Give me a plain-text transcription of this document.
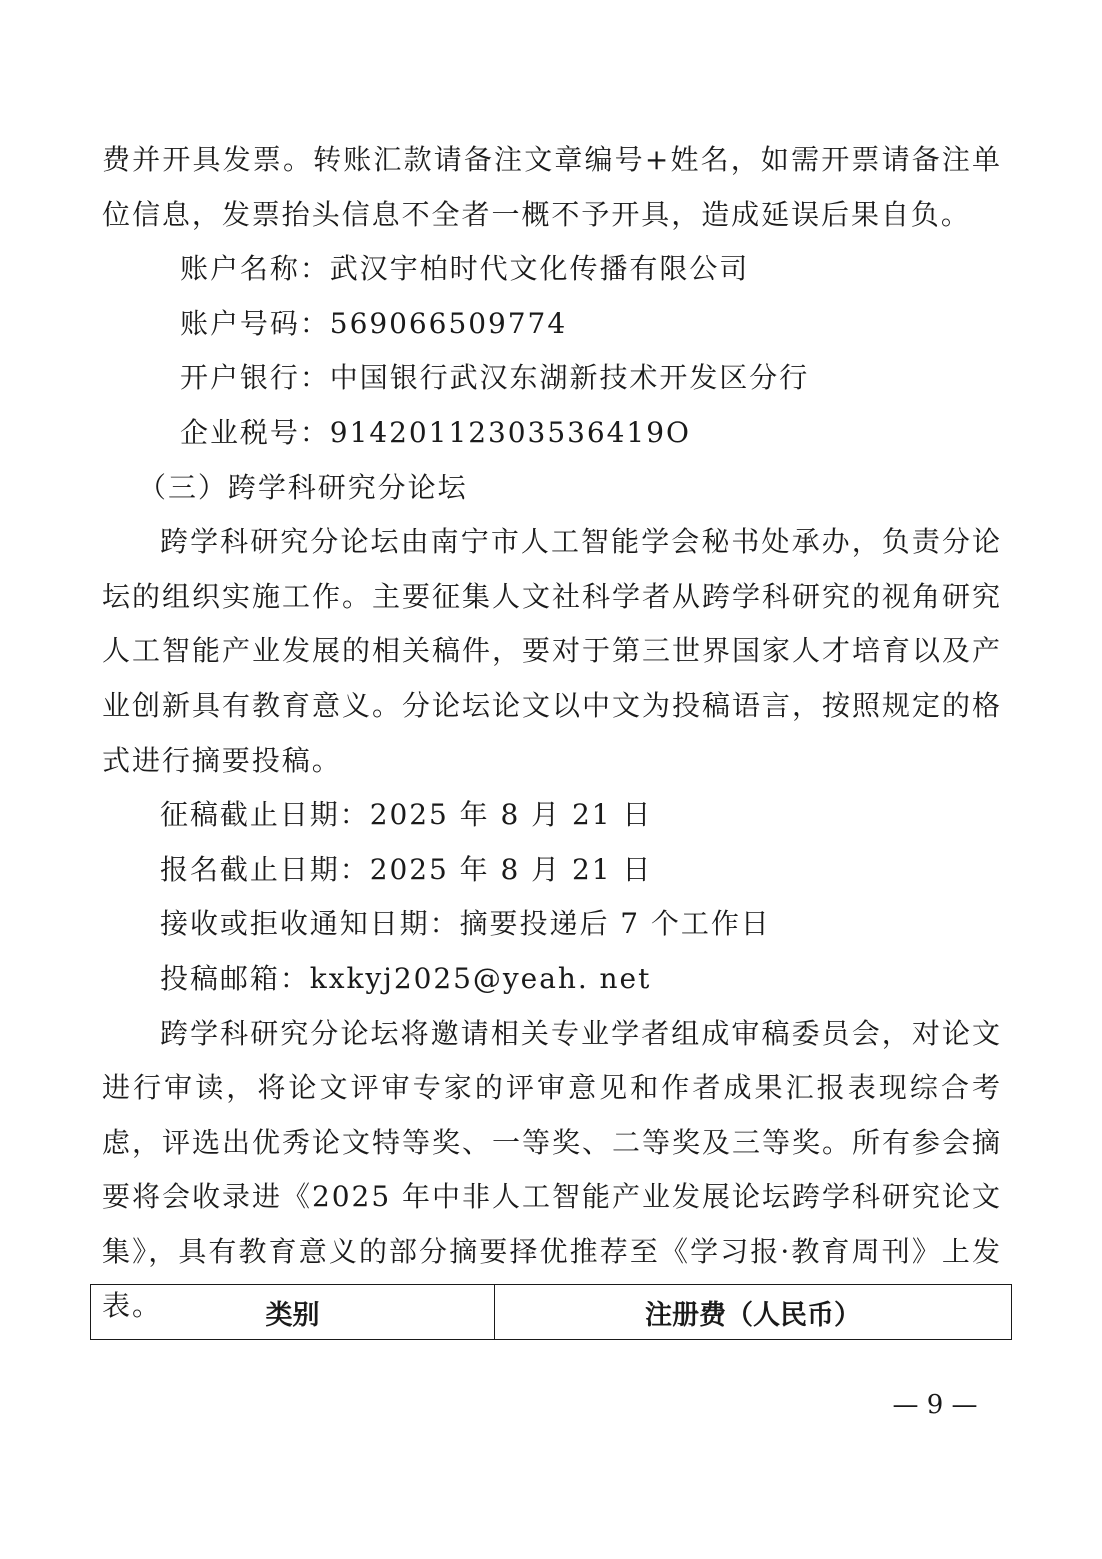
费并开具发票。转账汇款请备注文章编号+姓名，如需开票请备注单位信息，发票抬头信息不全者一概不予开具，造成延误后果自负。

账户名称：武汉宇柏时代文化传播有限公司

账户号码：569066509774

开户银行：中国银行武汉东湖新技术开发区分行

企业税号：91420112303536419O

（三）跨学科研究分论坛

跨学科研究分论坛由南宁市人工智能学会秘书处承办，负责分论坛的组织实施工作。主要征集人文社科学者从跨学科研究的视角研究人工智能产业发展的相关稿件，要对于第三世界国家人才培育以及产业创新具有教育意义。分论坛论文以中文为投稿语言，按照规定的格式进行摘要投稿。

征稿截止日期：2025 年 8 月 21 日

报名截止日期：2025 年 8 月 21 日

接收或拒收通知日期：摘要投递后 7 个工作日

投稿邮箱：kxkyj2025@yeah. net

跨学科研究分论坛将邀请相关专业学者组成审稿委员会，对论文进行审读，将论文评审专家的评审意见和作者成果汇报表现综合考虑，评选出优秀论文特等奖、一等奖、二等奖及三等奖。所有参会摘要将会收录进《2025 年中非人工智能产业发展论坛跨学科研究论文集》，具有教育意义的部分摘要择优推荐至《学习报·教育周刊》上发表。	类别	注册费（人民币）
— 9 —
